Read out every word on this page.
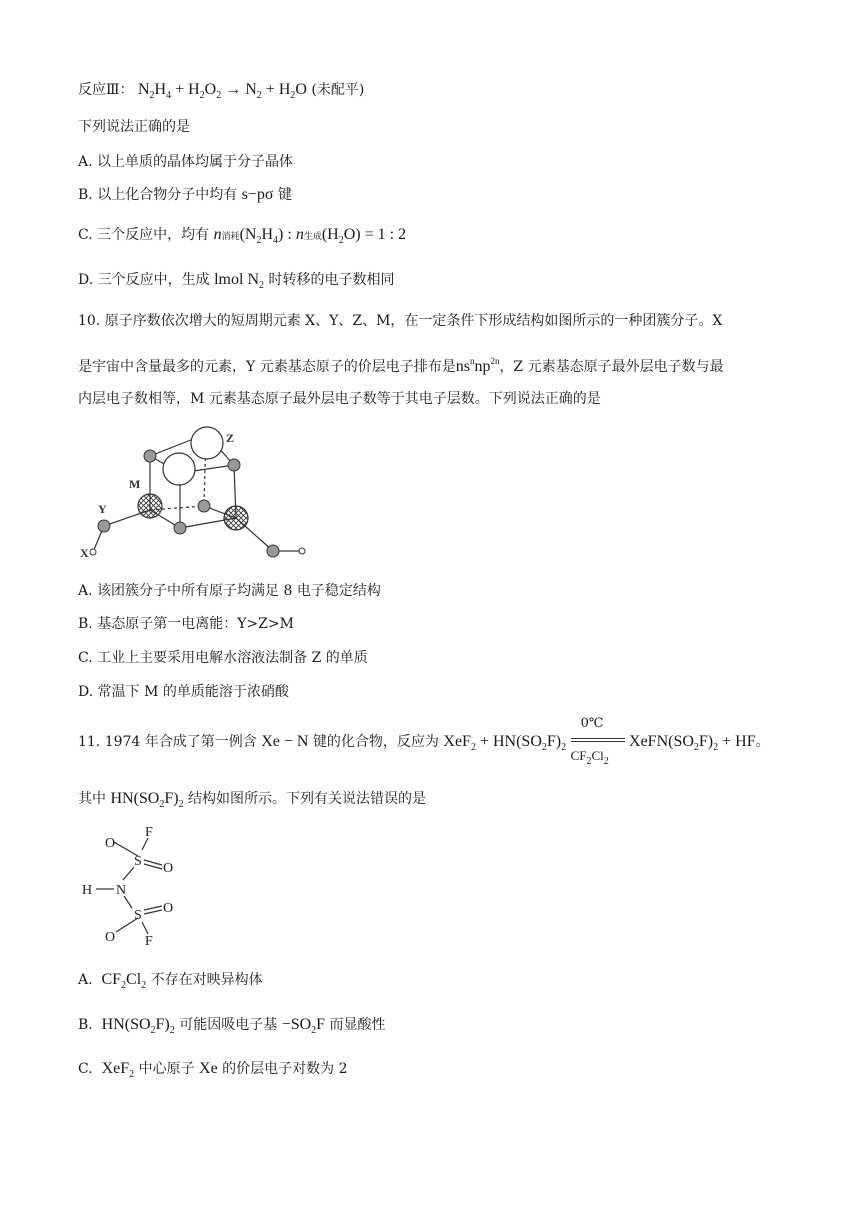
反应Ⅲ： $N_2H_4 + H_2O_2 \to N_2 + H_2O$ (未配平)
下列说法正确的是
A. 以上单质的晶体均属于分子晶体
B. 以上化合物分子中均有 s−pσ 键
C. 三个反应中，均有 n消耗$(N_2H_4)$ : n生成$(H_2O) = 1$ : 2
D. 三个反应中，生成 lmol $N_2$ 时转移的电子数相同
10. 原子序数依次增大的短周期元素 X、Y、Z、M，在一定条件下形成结构如图所示的一种团簇分子。X
是宇宙中含量最多的元素，Y 元素基态原子的价层电子排布是$ns^nnp^{2n}$，Z 元素基态原子最外层电子数与最
内层电子数相等，M 元素基态原子最外层电子数等于其电子层数。下列说法正确的是
Z
M
Y
X
A. 该团簇分子中所有原子均满足 8 电子稳定结构
B. 基态原子第一电离能：Y>Z>M
C. 工业上主要采用电解水溶液法制备 Z 的单质
D. 常温下 M 的单质能溶于浓硝酸
11. 1974 年合成了第一例含 Xe − N 键的化合物，反应为 $XeF_2 + HN(SO_2F)_2 \frac{0℃}{CF_2Cl_2}$ $XeFN(SO_2F)_2$ + HF。
其中 $HN(SO_2F)_2$ 结构如图所示。下列有关说法错误的是
O
F
S O
H N
S O
O F
A.  $CF_2Cl_2$ 不存在对映异构体
B.  $HN(SO_2F)_2$ 可能因吸电子基 $-SO_2F$ 而显酸性
C.  XeF$_2$ 中心原子 Xe 的价层电子对数为 2
